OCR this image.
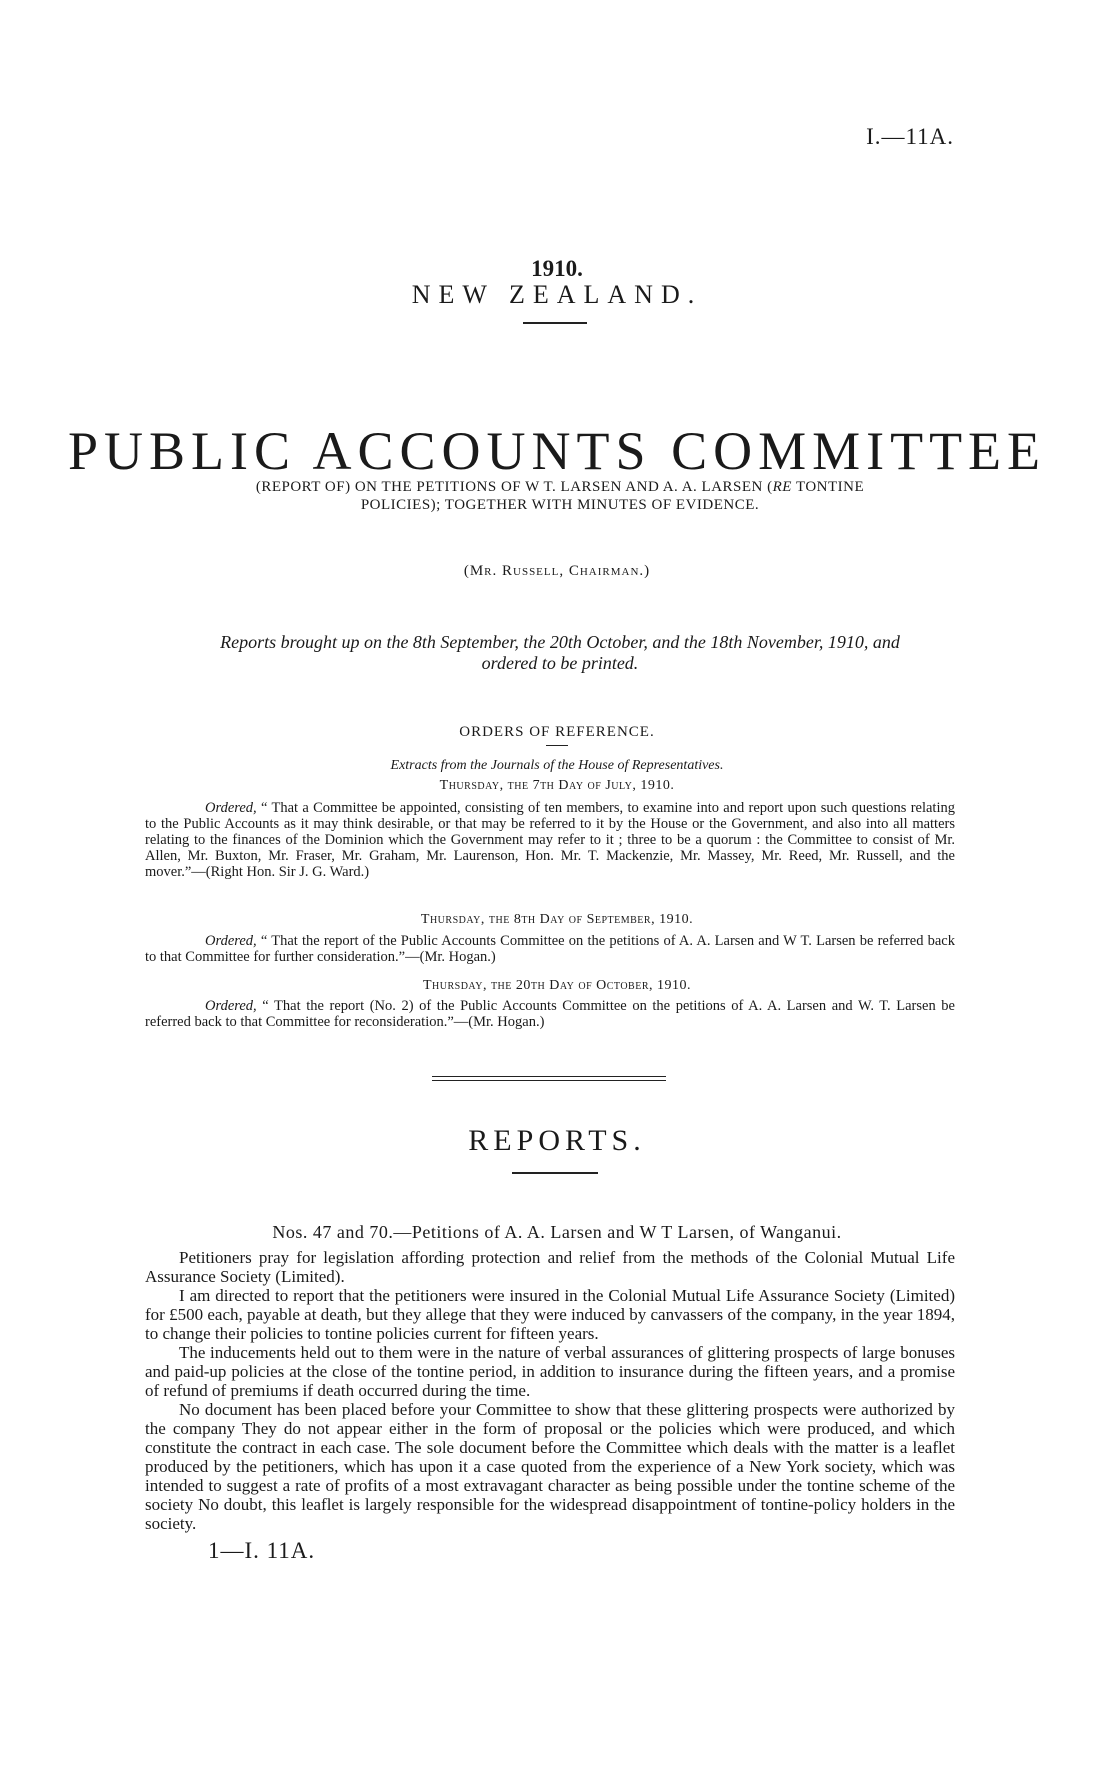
I.—11A.
1910.
NEW ZEALAND.
PUBLIC ACCOUNTS COMMITTEE
(REPORT OF) ON THE PETITIONS OF W T. LARSEN AND A. A. LARSEN (RE TONTINE
POLICIES); TOGETHER WITH MINUTES OF EVIDENCE.
(Mr. Russell, Chairman.)
Reports brought up on the 8th September, the 20th October, and the 18th November, 1910, and
ordered to be printed.
ORDERS OF REFERENCE.
Extracts from the Journals of the House of Representatives.
Thursday, the 7th Day of July, 1910.
Ordered, “ That a Committee be appointed, consisting of ten members, to examine into and report upon such questions relating to the Public Accounts as it may think desirable, or that may be referred to it by the House or the Government, and also into all matters relating to the finances of the Dominion which the Government may refer to it ; three to be a quorum : the Committee to consist of Mr. Allen, Mr. Buxton, Mr. Fraser, Mr. Graham, Mr. Laurenson, Hon. Mr. T. Mackenzie, Mr. Massey, Mr. Reed, Mr. Russell, and the mover.”—(Right Hon. Sir J. G. Ward.)
Thursday, the 8th Day of September, 1910.
Ordered, “ That the report of the Public Accounts Committee on the petitions of A. A. Larsen and W T. Larsen be referred back to that Committee for further consideration.”—(Mr. Hogan.)
Thursday, the 20th Day of October, 1910.
Ordered, “ That the report (No. 2) of the Public Accounts Committee on the petitions of A. A. Larsen and W. T. Larsen be referred back to that Committee for reconsideration.”—(Mr. Hogan.)
REPORTS.
Nos. 47 and 70.—Petitions of A. A. Larsen and W T Larsen, of Wanganui.

Petitioners pray for legislation affording protection and relief from the methods of the Colonial Mutual Life Assurance Society (Limited).

I am directed to report that the petitioners were insured in the Colonial Mutual Life Assurance Society (Limited) for £500 each, payable at death, but they allege that they were induced by canvassers of the company, in the year 1894, to change their policies to tontine policies current for fifteen years.

The inducements held out to them were in the nature of verbal assurances of glittering prospects of large bonuses and paid-up policies at the close of the tontine period, in addition to insurance during the fifteen years, and a promise of refund of premiums if death occurred during the time.

No document has been placed before your Committee to show that these glittering prospects were authorized by the company They do not appear either in the form of proposal or the policies which were produced, and which constitute the contract in each case. The sole document before the Committee which deals with the matter is a leaflet produced by the petitioners, which has upon it a case quoted from the experience of a New York society, which was intended to suggest a rate of profits of a most extravagant character as being possible under the tontine scheme of the society No doubt, this leaflet is largely responsible for the widespread disappointment of tontine-policy holders in the society.

1—I. 11A.
